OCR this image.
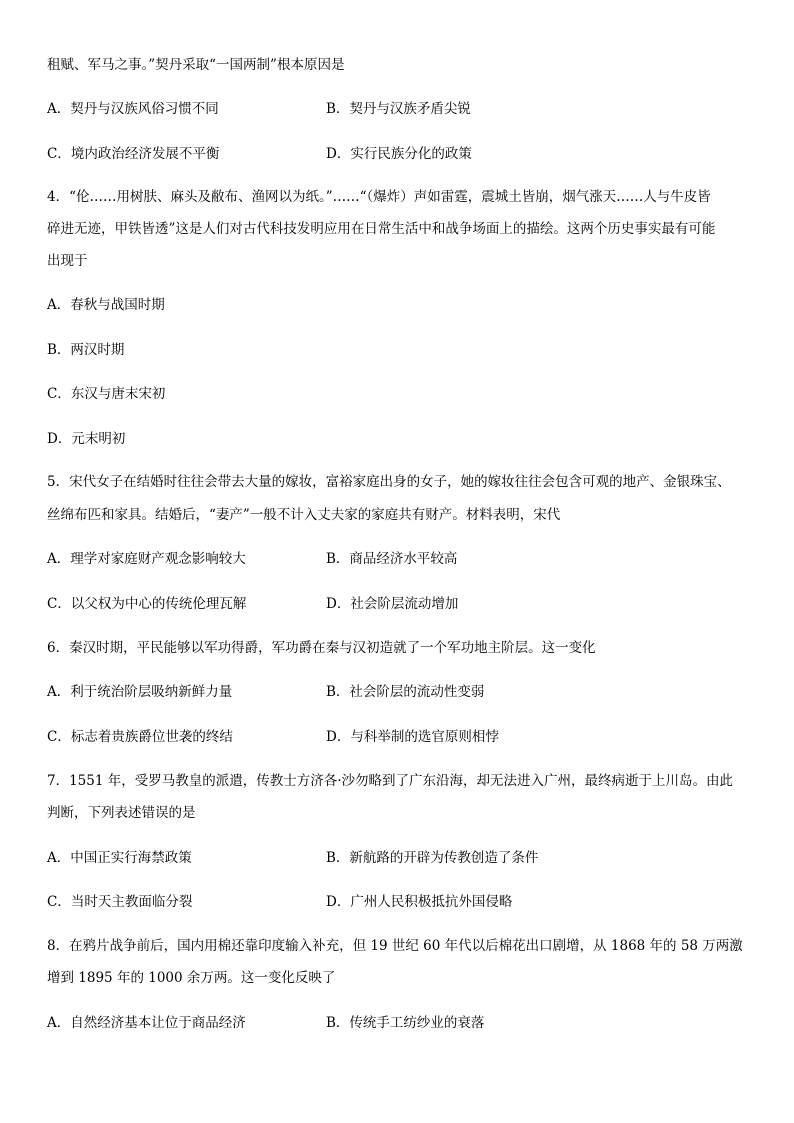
租赋、军马之事。”契丹采取“一国两制”根本原因是
A．契丹与汉族风俗习惯不同	B．契丹与汉族矛盾尖锐
C．境内政治经济发展不平衡	D．实行民族分化的政策
4．“伦……用树肤、麻头及敝布、渔网以为纸。”……“（爆炸）声如雷霆，震城土皆崩，烟气涨天……人与牛皮皆
碎进无迹，甲铁皆透”这是人们对古代科技发明应用在日常生活中和战争场面上的描绘。这两个历史事实最有可能
出现于
A．春秋与战国时期
B．两汉时期
C．东汉与唐末宋初
D．元末明初
5．宋代女子在结婚时往往会带去大量的嫁妆，富裕家庭出身的女子，她的嫁妆往往会包含可观的地产、金银珠宝、
丝绵布匹和家具。结婚后，“妻产”一般不计入丈夫家的家庭共有财产。材料表明，宋代
A．理学对家庭财产观念影响较大	B．商品经济水平较高
C．以父权为中心的传统伦理瓦解	D．社会阶层流动增加
6．秦汉时期，平民能够以军功得爵，军功爵在秦与汉初造就了一个军功地主阶层。这一变化
A．利于统治阶层吸纳新鲜力量	B．社会阶层的流动性变弱
C．标志着贵族爵位世袭的终结	D．与科举制的选官原则相悖
7．1551 年，受罗马教皇的派遣，传教士方济各·沙勿略到了广东沿海，却无法进入广州，最终病逝于上川岛。由此
判断，下列表述错误的是
A．中国正实行海禁政策	B．新航路的开辟为传教创造了条件
C．当时天主教面临分裂	D．广州人民积极抵抗外国侵略
8．在鸦片战争前后，国内用棉还靠印度输入补充，但 19 世纪 60 年代以后棉花出口剧增，从 1868 年的 58 万两激
增到 1895 年的 1000 余万两。这一变化反映了
A．自然经济基本让位于商品经济	B．传统手工纺纱业的衰落
